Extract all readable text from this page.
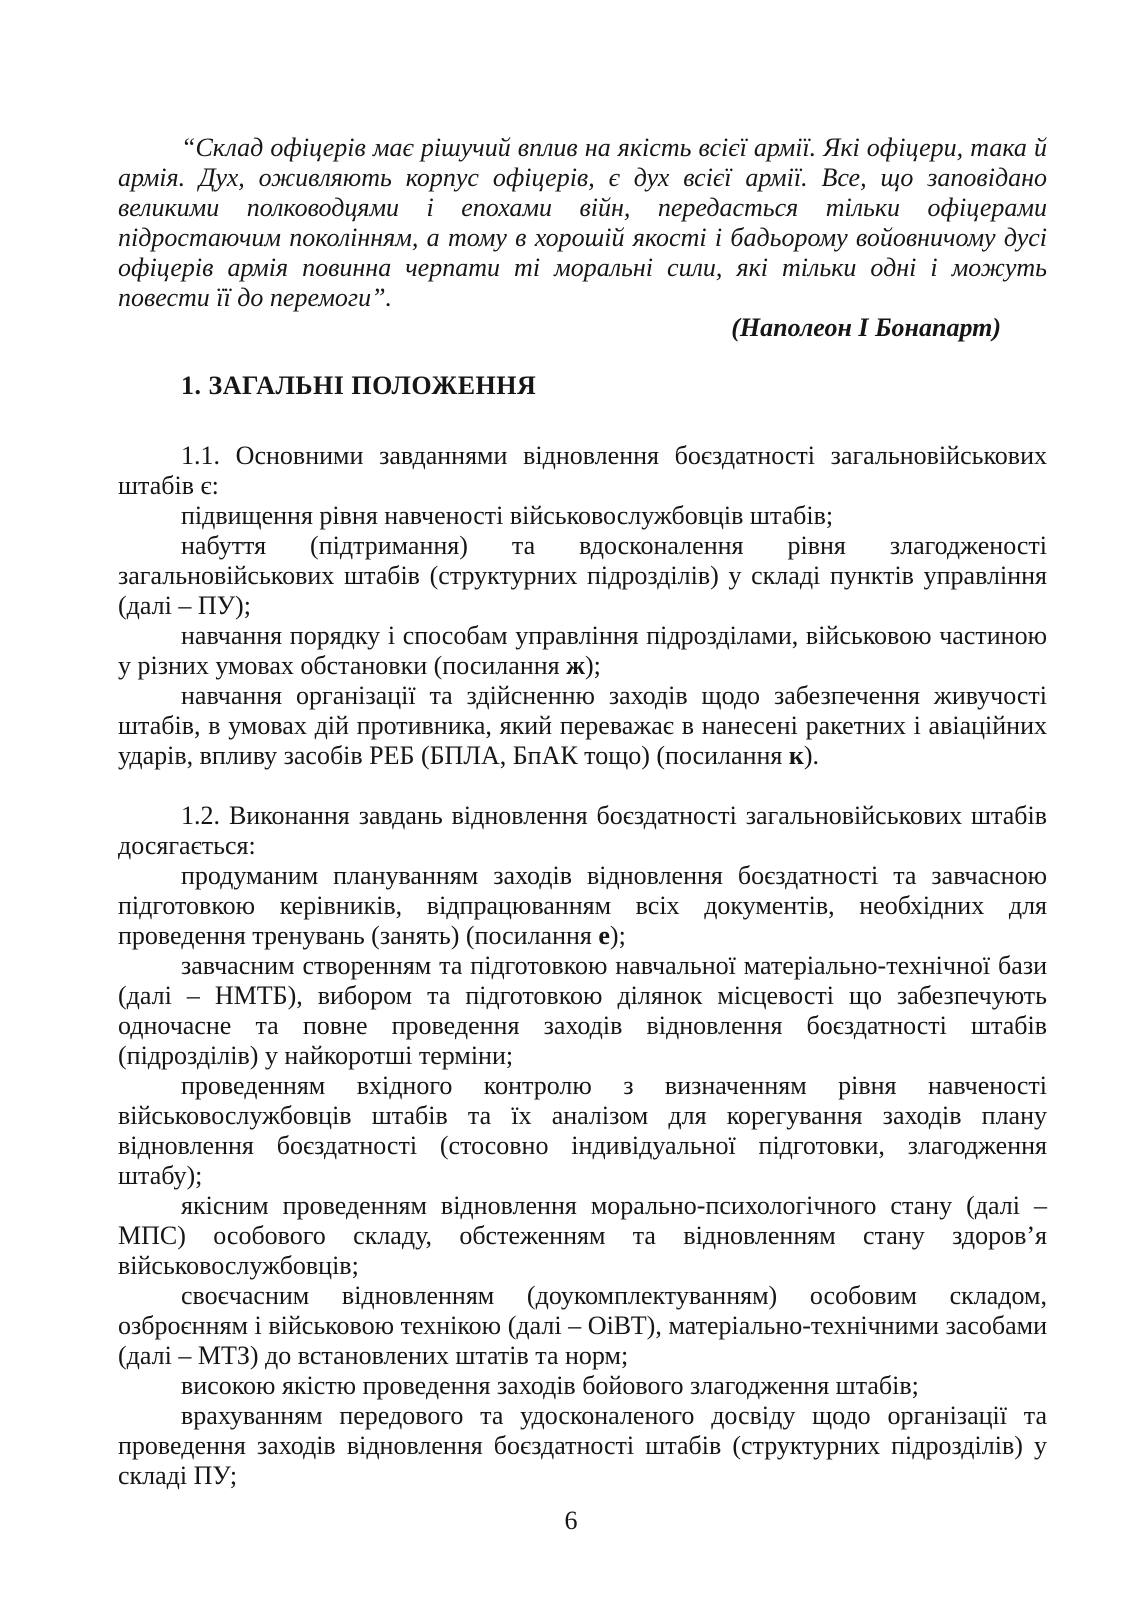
“Склад офіцерів має рішучий вплив на якість всієї армії. Які офіцери, така й армія. Дух, оживляють корпус офіцерів, є дух всієї армії. Все, що заповідано великими полководцями і епохами війн, передасться тільки офіцерами підростаючим поколінням, а тому в хорошій якості і бадьорому войовничому дусі офіцерів армія повинна черпати ті моральні сили, які тільки одні і можуть повести її до перемоги”.

(Наполеон І Бонапарт)

1. ЗАГАЛЬНІ ПОЛОЖЕННЯ

1.1. Основними завданнями відновлення боєздатності загальновійськових штабів є:

підвищення рівня навченості військовослужбовців штабів;

набуття (підтримання) та вдосконалення рівня злагодженості загальновійськових штабів (структурних підрозділів) у складі пунктів управління (далі – ПУ);

навчання порядку і способам управління підрозділами, військовою частиною у різних умовах обстановки (посилання ж);

навчання організації та здійсненню заходів щодо забезпечення живучості штабів, в умовах дій противника, який переважає в нанесені ракетних і авіаційних ударів, впливу засобів РЕБ (БПЛА, БпАК тощо) (посилання к).

1.2. Виконання завдань відновлення боєздатності загальновійськових штабів досягається:

продуманим плануванням заходів відновлення боєздатності та завчасною підготовкою керівників, відпрацюванням всіх документів, необхідних для проведення тренувань (занять) (посилання е);

завчасним створенням та підготовкою навчальної матеріально-технічної бази (далі – НМТБ), вибором та підготовкою ділянок місцевості що забезпечують одночасне та повне проведення заходів відновлення боєздатності штабів (підрозділів) у найкоротші терміни;

проведенням вхідного контролю з визначенням рівня навченості військовослужбовців штабів та їх аналізом для корегування заходів плану відновлення боєздатності (стосовно індивідуальної підготовки, злагодження штабу);

якісним проведенням відновлення морально-психологічного стану (далі – МПС) особового складу, обстеженням та відновленням стану здоров’я військовослужбовців;

своєчасним відновленням (доукомплектуванням) особовим складом, озброєнням і військовою технікою (далі – ОіВТ), матеріально-технічними засобами (далі – МТЗ) до встановлених штатів та норм;

високою якістю проведення заходів бойового злагодження штабів;

врахуванням передового та удосконаленого досвіду щодо організації та проведення заходів відновлення боєздатності штабів (структурних підрозділів) у складі ПУ;

6
